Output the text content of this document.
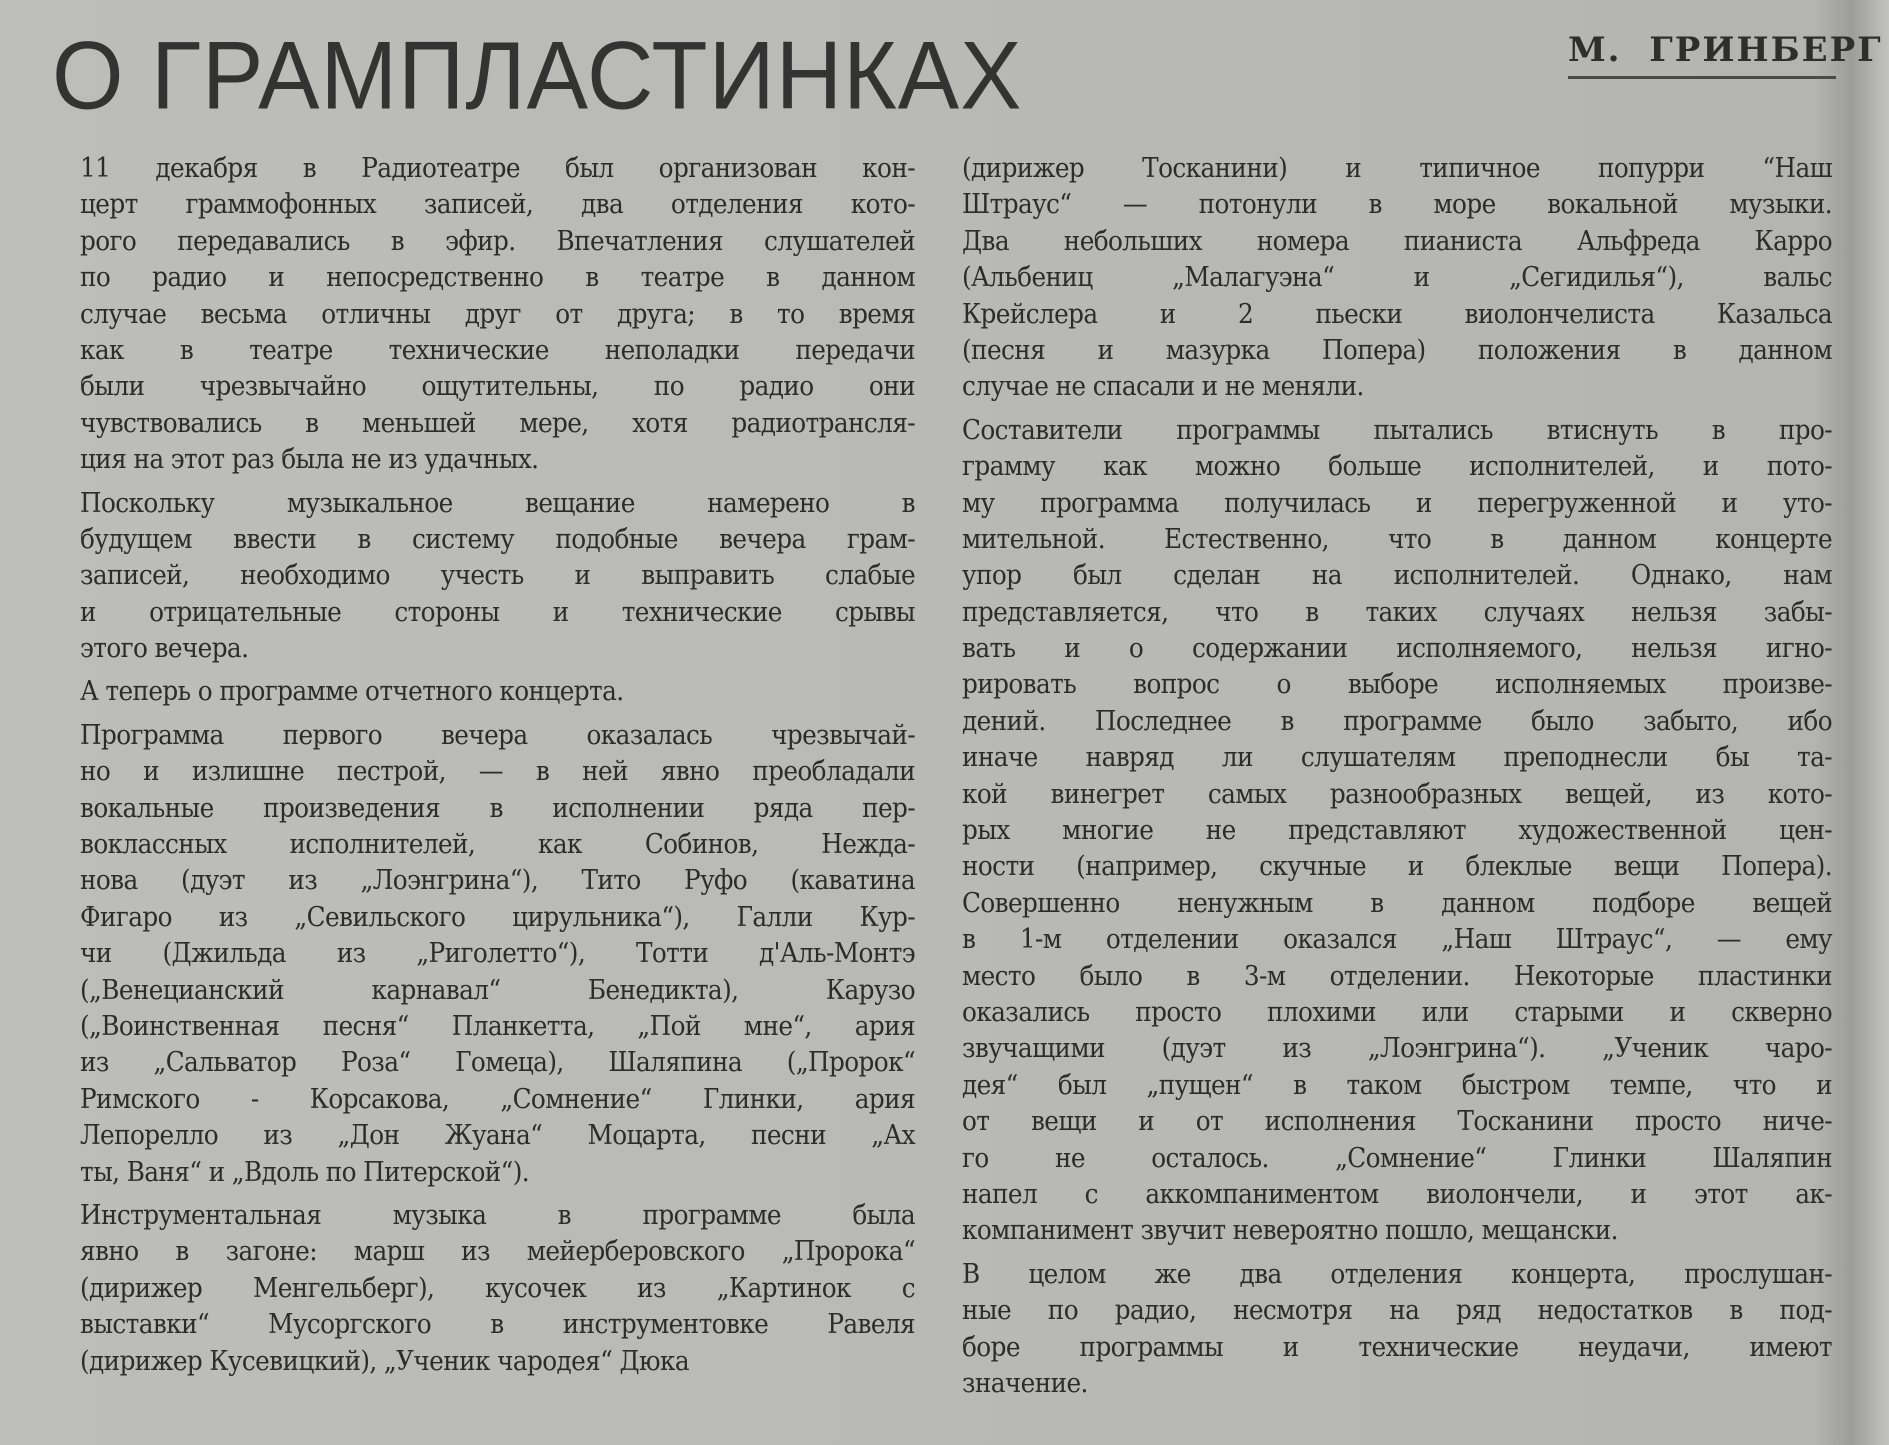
О ГРАМПЛАСТИНКАХ	М. ГРИНБЕРГ
11 декабря в Радиотеатре был организован кон-
церт граммофонных записей, два отделения кото-
рого передавались в эфир. Впечатления слушателей
по радио и непосредственно в театре в данном
случае весьма отличны друг от друга; в то время
как в театре технические неполадки передачи
были чрезвычайно ощутительны, по радио они
чувствовались в меньшей мере, хотя радиотрансля-
ция на этот раз была не из удачных.
Поскольку музыкальное вещание намерено в
будущем ввести в систему подобные вечера грам-
записей, необходимо учесть и выправить слабые
и отрицательные стороны и технические срывы
этого вечера.
А теперь о программе отчетного концерта.
Программа первого вечера оказалась чрезвычай-
но и излишне пестрой, — в ней явно преобладали
вокальные произведения в исполнении ряда пер-
воклассных исполнителей, как Собинов, Нежда-
нова (дуэт из „Лоэнгрина“), Тито Руфо (каватина
Фигаро из „Севильского цирульника“), Галли Кур-
чи (Джильда из „Риголетто“), Тотти д'Аль-Монтэ
(„Венецианский карнавал“ Бенедикта), Карузо
(„Воинственная песня“ Планкетта, „Пой мне“, ария
из „Сальватор Роза“ Гомеца), Шаляпина („Пророк“
Римского - Корсакова, „Сомнение“ Глинки, ария
Лепорелло из „Дон Жуана“ Моцарта, песни „Ах
ты, Ваня“ и „Вдоль по Питерской“).
Инструментальная музыка в программе была
явно в загоне: марш из мейерберовского „Пророка“
(дирижер Менгельберг), кусочек из „Картинок с
выставки“ Мусоргского в инструментовке Равеля
(дирижер Кусевицкий), „Ученик чародея“ Дюка
(дирижер Тосканини) и типичное попурри “Наш
Штраус“ — потонули в море вокальной музыки.
Два небольших номера пианиста Альфреда Карро
(Альбениц „Малагуэна“ и „Сегидилья“), вальс
Крейслера и 2 пьески виолончелиста Казальса
(песня и мазурка Попера) положения в данном
случае не спасали и не меняли.
Составители программы пытались втиснуть в про-
грамму как можно больше исполнителей, и пото-
му программа получилась и перегруженной и уто-
мительной. Естественно, что в данном концерте
упор был сделан на исполнителей. Однако, нам
представляется, что в таких случаях нельзя забы-
вать и о содержании исполняемого, нельзя игно-
рировать вопрос о выборе исполняемых произве-
дений. Последнее в программе было забыто, ибо
иначе навряд ли слушателям преподнесли бы та-
кой винегрет самых разнообразных вещей, из кото-
рых многие не представляют художественной цен-
ности (например, скучные и блеклые вещи Попера).
Совершенно ненужным в данном подборе вещей
в 1-м отделении оказался „Наш Штраус“, — ему
место было в 3-м отделении. Некоторые пластинки
оказались просто плохими или старыми и скверно
звучащими (дуэт из „Лоэнгрина“). „Ученик чаро-
дея“ был „пущен“ в таком быстром темпе, что и
от вещи и от исполнения Тосканини просто ниче-
го не осталось. „Сомнение“ Глинки Шаляпин
напел с аккомпаниментом виолончели, и этот ак-
компанимент звучит невероятно пошло, мещански.
В целом же два отделения концерта, прослушан-
ные по радио, несмотря на ряд недостатков в под-
боре программы и технические неудачи, имеют
значение.
